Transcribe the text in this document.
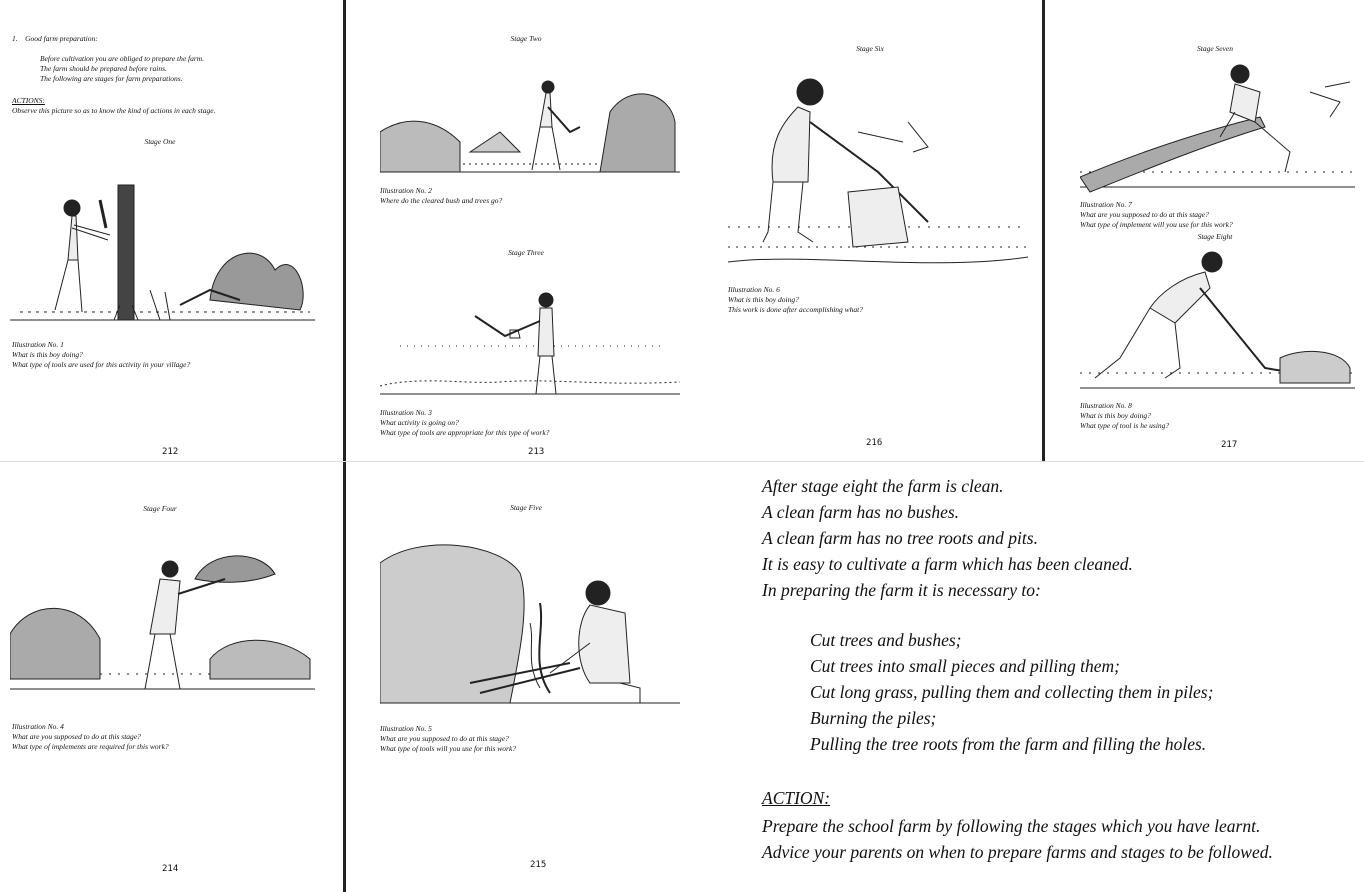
1. Good farm preparation:
Before cultivation you are obliged to prepare the farm.
The farm should be prepared before rains.
The following are stages for farm preparations.
ACTIONS:
Observe this picture so as to know the kind of actions in each stage.
Stage One
Illustration No. 1
What is this boy doing?
What type of tools are used for this activity in your village?
212
Stage Two
Illustration No. 2
Where do the cleared bush and trees go?
Stage Three
Illustration No. 3
What activity is going on?
What type of tools are appropriate for this type of work?
213
Stage Six
Illustration No. 6
What is this boy doing?
This work is done after accomplishing what?
216
Stage Seven
Illustration No. 7
What are you supposed to do at this stage?
What type of implement will you use for this work?
Stage Eight
Illustration No. 8
What is this boy doing?
What type of tool is he using?
217
Stage Four
Illustration No. 4
What are you supposed to do at this stage?
What type of implements are required for this work?
214
Stage Five
Illustration No. 5
What are you supposed to do at this stage?
What type of tools will you use for this work?
215
After stage eight the farm is clean.
A clean farm has no bushes.
A clean farm has no tree roots and pits.
It is easy to cultivate a farm which has been cleaned.
In preparing the farm it is necessary to:
Cut trees and bushes;
Cut trees into small pieces and pilling them;
Cut long grass, pulling them and collecting them in piles;
Burning the piles;
Pulling the tree roots from the farm and filling the holes.
ACTION:
Prepare the school farm by following the stages which you have learnt.
Advice your parents on when to prepare farms and stages to be followed.
